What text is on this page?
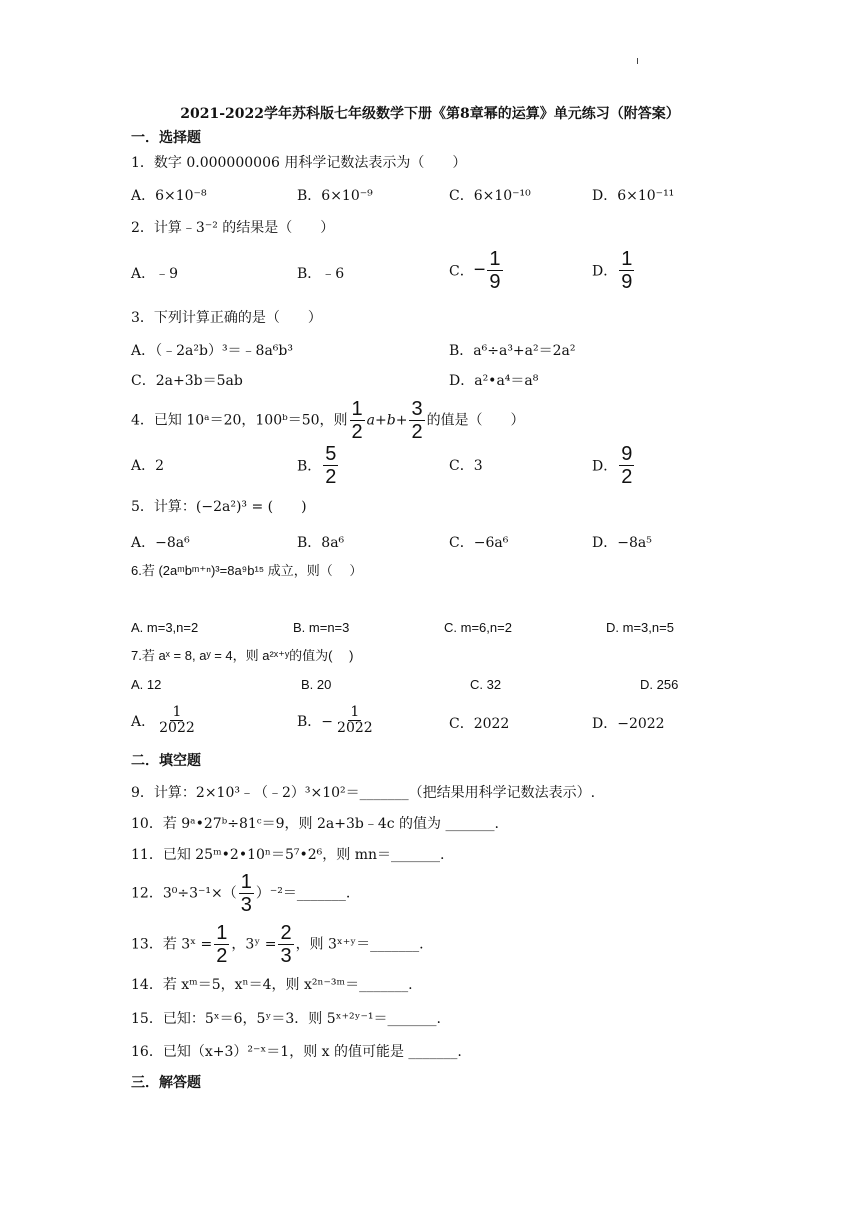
2021-2022学年苏科版七年级数学下册《第8章幂的运算》单元练习（附答案）
一．选择题
1．数字 0.000000006 用科学记数法表示为（　　）
A．6×10⁻⁸	B．6×10⁻⁹	C．6×10⁻¹⁰	D．6×10⁻¹¹
2．计算﹣3⁻² 的结果是（　　）
A．﹣9	B．﹣6	C．− $\frac{1}{9}$	D． $\frac{1}{9}$
3．下列计算正确的是（　　）
A．（﹣2a²b）³＝﹣8a⁶b³	B．a⁶÷a³+a²＝2a²
C．2a+3b＝5ab	D．a²•a⁴＝a⁸
4．已知 10ᵃ＝20，100ᵇ＝50，则 $\frac{1}{2} a+b+ \frac{3}{2}$ 的值是（　　）
A．2	B． $\frac{5}{2}$	C．3	D． $\frac{9}{2}$
5．计算：(−2a²)³ = (　　)
A．−8a⁶	B．8a⁶	C．−6a⁶	D．−8a⁵
6.若 (2aᵐbᵐ⁺ⁿ)³=8a⁹b¹⁵ 成立，则（　 ）
A. m=3,n=2	B. m=n=3	C. m=6,n=2	D. m=3,n=5
7.若 aˣ = 8, aʸ = 4，则 a²ˣ⁺ʸ的值为(　 )
A. 12	B. 20	C. 32	D. 256
A． $\frac{1}{2022}$	B．− $\frac{1}{2022}$	C．2022	D．−2022
二．填空题
9．计算：2×10³﹣（﹣2）³×10²＝_______（把结果用科学记数法表示）.
10．若 9ᵃ•27ᵇ÷81ᶜ＝9，则 2a+3b﹣4c 的值为 _______.
11．已知 25ᵐ•2•10ⁿ＝5⁷•2⁶，则 mn＝_______.
12．$3^0\div 3^{-1}\times( \frac{1}{3}$ ）⁻²＝_______.
13．若 3ˣ = $\frac{1}{2}$ ，3ʸ = $\frac{2}{3}$ ，则 3ˣ⁺ʸ＝_______.
14．若 xᵐ＝5，xⁿ＝4，则 x²ⁿ⁻³ᵐ＝_______.
15．已知：5ˣ＝6，5ʸ＝3．则 5ˣ⁺²ʸ⁻¹＝_______.
16．已知（x+3）²⁻ˣ＝1，则 x 的值可能是 _______.
三．解答题
